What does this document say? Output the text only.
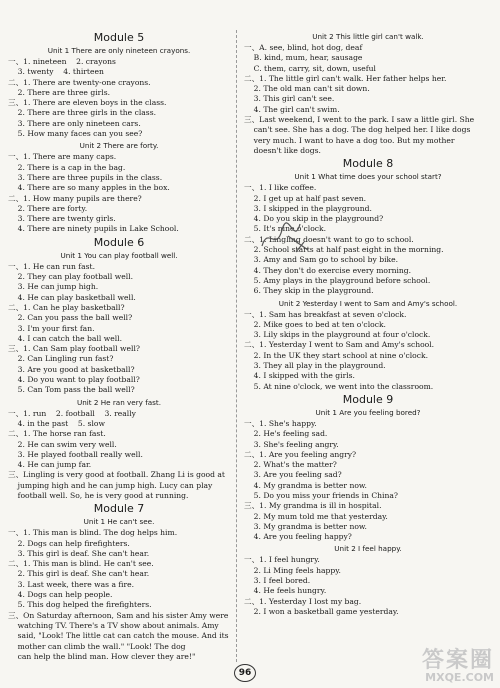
Module 5
Unit 1 There are only nineteen crayons.
一、1. nineteen    2. crayons
3. twenty    4. thirteen
二、1. There are twenty-one crayons.
2. There are three girls.
三、1. There are eleven boys in the class.
2. There are three girls in the class.
3. There are only nineteen cars.
5. How many faces can you see?
Unit 2 There are forty.
一、1. There are many caps.
2. There is a cap in the bag.
3. There are three pupils in the class.
4. There are so many apples in the box.
二、1. How many pupils are there?
2. There are forty.
3. There are twenty girls.
4. There are ninety pupils in Lake School.
Module 6
Unit 1 You can play football well.
一、1. He can run fast.
2. They can play football well.
3. He can jump high.
4. He can play basketball well.
二、1. Can he play basketball?
2. Can you pass the ball well?
3. I'm your first fan.
4. I can catch the ball well.
三、1. Can Sam play football well?
2. Can Lingling run fast?
3. Are you good at basketball?
4. Do you want to play football?
5. Can Tom pass the ball well?
Unit 2 He ran very fast.
一、1. run    2. football    3. really
4. in the past    5. slow
二、1. The horse ran fast.
2. He can swim very well.
3. He played football really well.
4. He can jump far.
三、Lingling is very good at football. Zhang Li is good at
jumping high and he can jump high. Lucy can play
football well. So, he is very good at running.
Module 7
Unit 1 He can't see.
一、1. This man is blind. The dog helps him.
2. Dogs can help firefighters.
3. This girl is deaf. She can't hear.
二、1. This man is blind. He can't see.
2. This girl is deaf. She can't hear.
3. Last week, there was a fire.
4. Dogs can help people.
5. This dog helped the firefighters.
三、On Saturday afternoon, Sam and his sister Amy were
watching TV. There's a TV show about animals. Amy
said, "Look! The little cat can catch the mouse. And its
mother can climb the wall." "Look! The dog
can help the blind man. How clever they are!"
Unit 2 This little girl can't walk.
一、A. see, blind, hot dog, deaf
B. kind, mum, hear, sausage
C. them, carry, sit, down, useful
二、1. The little girl can't walk. Her father helps her.
2. The old man can't sit down.
3. This girl can't see.
4. The girl can't swim.
三、Last weekend, I went to the park. I saw a little girl. She
can't see. She has a dog. The dog helped her. I like dogs
very much. I want to have a dog too. But my mother
doesn't like dogs.
Module 8
Unit 1 What time does your school start?
一、1. I like coffee.
2. I get up at half past seven.
3. I skipped in the playground.
4. Do you skip in the playground?
5. It's nine o'clock.
二、1. Lingling doesn't want to go to school.
2. School starts at half past eight in the morning.
3. Amy and Sam go to school by bike.
4. They don't do exercise every morning.
5. Amy plays in the playground before school.
6. They skip in the playground.
Unit 2 Yesterday I went to Sam and Amy's school.
一、1. Sam has breakfast at seven o'clock.
2. Mike goes to bed at ten o'clock.
3. Lily skips in the playground at four o'clock.
二、1. Yesterday I went to Sam and Amy's school.
2. In the UK they start school at nine o'clock.
3. They all play in the playground.
4. I skipped with the girls.
5. At nine o'clock, we went into the classroom.
Module 9
Unit 1 Are you feeling bored?
一、1. She's happy.
2. He's feeling sad.
3. She's feeling angry.
二、1. Are you feeling angry?
2. What's the matter?
3. Are you feeling sad?
4. My grandma is better now.
5. Do you miss your friends in China?
三、1. My grandma is ill in hospital.
2. My mum told me that yesterday.
3. My grandma is better now.
4. Are you feeling happy?
Unit 2 I feel happy.
一、1. I feel hungry.
2. Li Ming feels happy.
3. I feel bored.
4. He feels hungry.
二、1. Yesterday I lost my bag.
2. I won a basketball game yesterday.
96	答案圈
MXQE.COM
